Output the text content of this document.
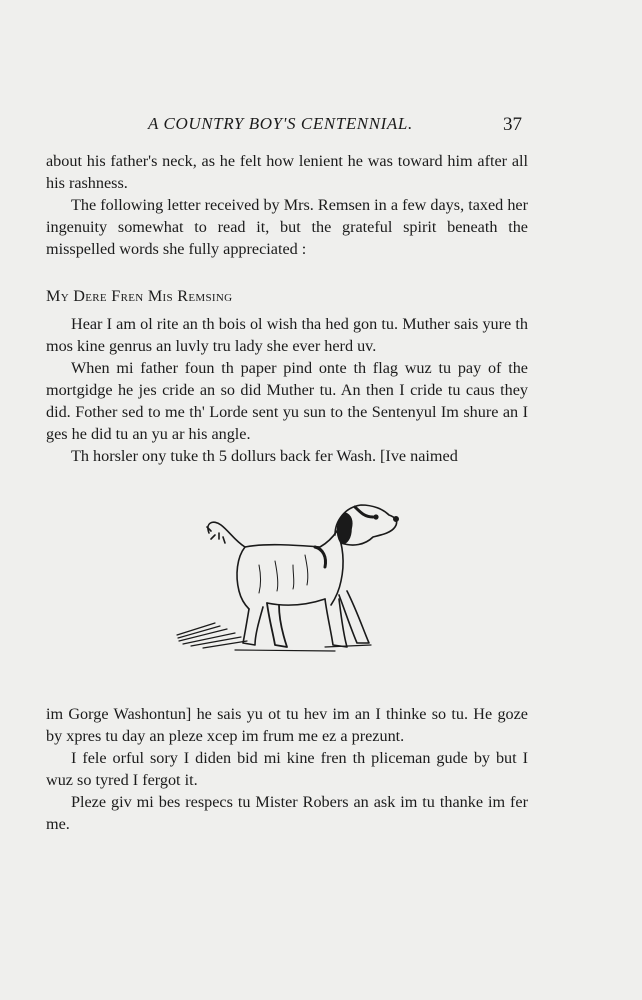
A COUNTRY BOY'S CENTENNIAL.	37

about his father's neck, as he felt how lenient he was toward him after all his rashness.

The following letter received by Mrs. Remsen in a few days, taxed her ingenuity somewhat to read it, but the grateful spirit beneath the misspelled words she fully appreciated :

My Dere Fren Mis Remsing

Hear I am ol rite an th bois ol wish tha hed gon tu. Muther sais yure th mos kine genrus an luvly tru lady she ever herd uv.

When mi father foun th paper pind onte th flag wuz tu pay of the mortgidge he jes cride an so did Muther tu. An then I cride tu caus they did. Fother sed to me th' Lorde sent yu sun to the Sentenyul Im shure an I ges he did tu an yu ar his angle.

Th horsler ony tuke th 5 dollurs back fer Wash. [Ive naimed

im Gorge Washontun] he sais yu ot tu hev im an I thinke so tu. He goze by xpres tu day an pleze xcep im frum me ez a prezunt.

I fele orful sory I diden bid mi kine fren th pliceman gude by but I wuz so tyred I fergot it.

Pleze giv mi bes respecs tu Mister Robers an ask im tu thanke im fer me.
